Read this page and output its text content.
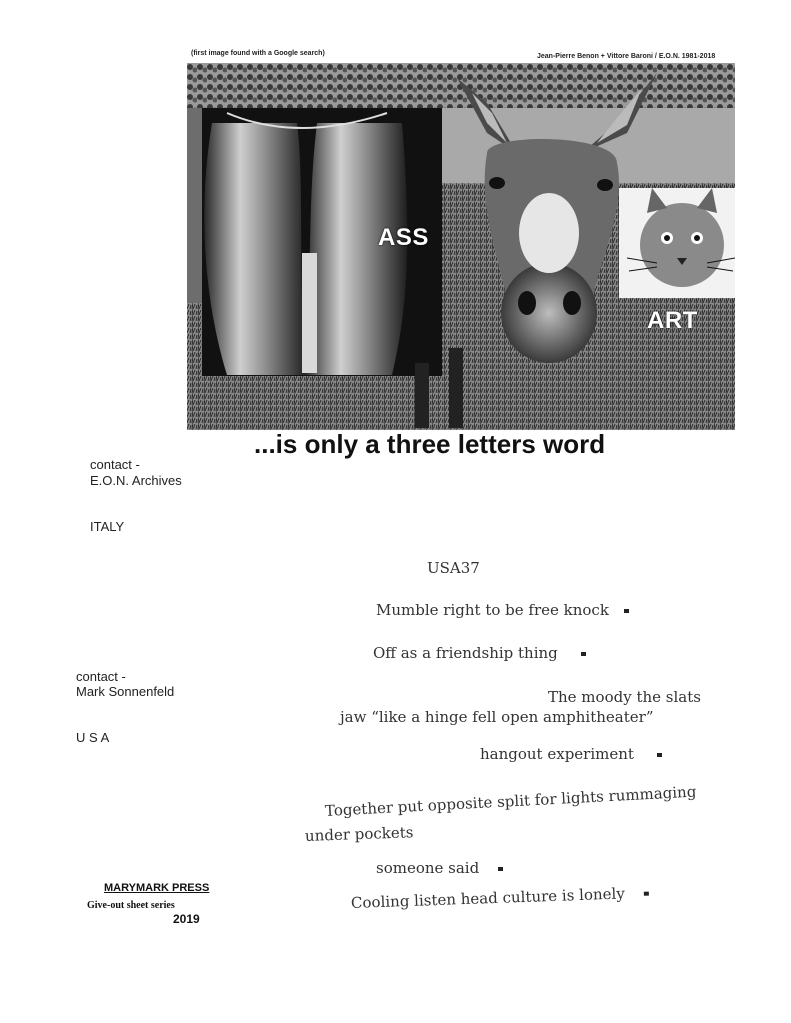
(first image found with a Google search)	Jean-Pierre Benon + Vittore Baroni / E.O.N. 1981-2018
ASS
ART
...is only a three letters word
contact -
E.O.N. Archives
ITALY
USA37
Mumble right to be free knock
Off as a friendship thing
contact -
Mark Sonnenfeld
U S A
The moody the slats
jaw “like a hinge fell open amphitheater”
hangout experiment
Together put opposite split for lights rummaging
under pockets
someone said
MARYMARK PRESS
Give-out sheet series
2019
Cooling listen head culture is lonely
